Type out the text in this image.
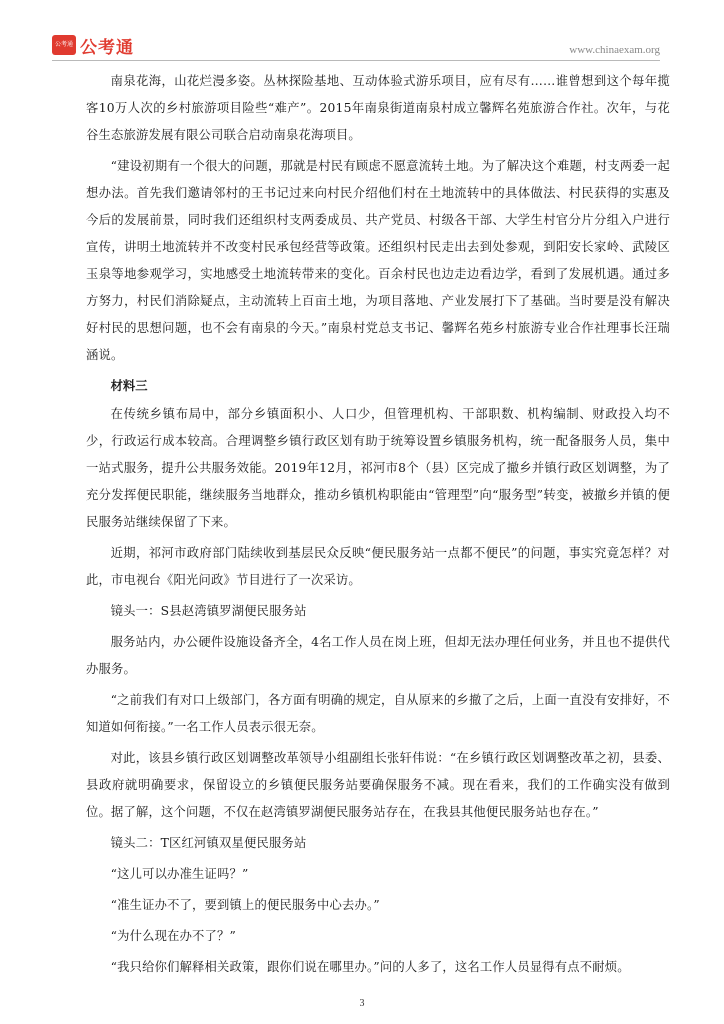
公考通 公考通	www.chinaexam.org

南泉花海，山花烂漫多姿。丛林探险基地、互动体验式游乐项目，应有尽有……谁曾想到这个每年揽客10万人次的乡村旅游项目险些“难产”。2015年南泉街道南泉村成立馨辉名苑旅游合作社。次年，与花谷生态旅游发展有限公司联合启动南泉花海项目。

“建设初期有一个很大的问题，那就是村民有顾虑不愿意流转土地。为了解决这个难题，村支两委一起想办法。首先我们邀请邻村的王书记过来向村民介绍他们村在土地流转中的具体做法、村民获得的实惠及今后的发展前景，同时我们还组织村支两委成员、共产党员、村级各干部、大学生村官分片分组入户进行宣传，讲明土地流转并不改变村民承包经营等政策。还组织村民走出去到处参观，到阳安长家岭、武陵区玉泉等地参观学习，实地感受土地流转带来的变化。百余村民也边走边看边学，看到了发展机遇。通过多方努力，村民们消除疑点，主动流转上百亩土地，为项目落地、产业发展打下了基础。当时要是没有解决好村民的思想问题，也不会有南泉的今天。”南泉村党总支书记、馨辉名苑乡村旅游专业合作社理事长汪瑞涵说。

材料三

在传统乡镇布局中，部分乡镇面积小、人口少，但管理机构、干部职数、机构编制、财政投入均不少，行政运行成本较高。合理调整乡镇行政区划有助于统筹设置乡镇服务机构，统一配备服务人员，集中一站式服务，提升公共服务效能。2019年12月，祁河市8个（县）区完成了撤乡并镇行政区划调整，为了充分发挥便民职能，继续服务当地群众，推动乡镇机构职能由“管理型”向“服务型”转变，被撤乡并镇的便民服务站继续保留了下来。

近期，祁河市政府部门陆续收到基层民众反映“便民服务站一点都不便民”的问题，事实究竟怎样？对此，市电视台《阳光问政》节目进行了一次采访。

镜头一：S县赵湾镇罗湖便民服务站

服务站内，办公硬件设施设备齐全，4名工作人员在岗上班，但却无法办理任何业务，并且也不提供代办服务。

“之前我们有对口上级部门，各方面有明确的规定，自从原来的乡撤了之后，上面一直没有安排好，不知道如何衔接。”一名工作人员表示很无奈。

对此，该县乡镇行政区划调整改革领导小组副组长张轩伟说：“在乡镇行政区划调整改革之初，县委、县政府就明确要求，保留设立的乡镇便民服务站要确保服务不减。现在看来，我们的工作确实没有做到位。据了解，这个问题，不仅在赵湾镇罗湖便民服务站存在，在我县其他便民服务站也存在。”

镜头二：T区红河镇双星便民服务站

“这儿可以办准生证吗？”

“准生证办不了，要到镇上的便民服务中心去办。”

“为什么现在办不了？”

“我只给你们解释相关政策，跟你们说在哪里办。”问的人多了，这名工作人员显得有点不耐烦。

3
